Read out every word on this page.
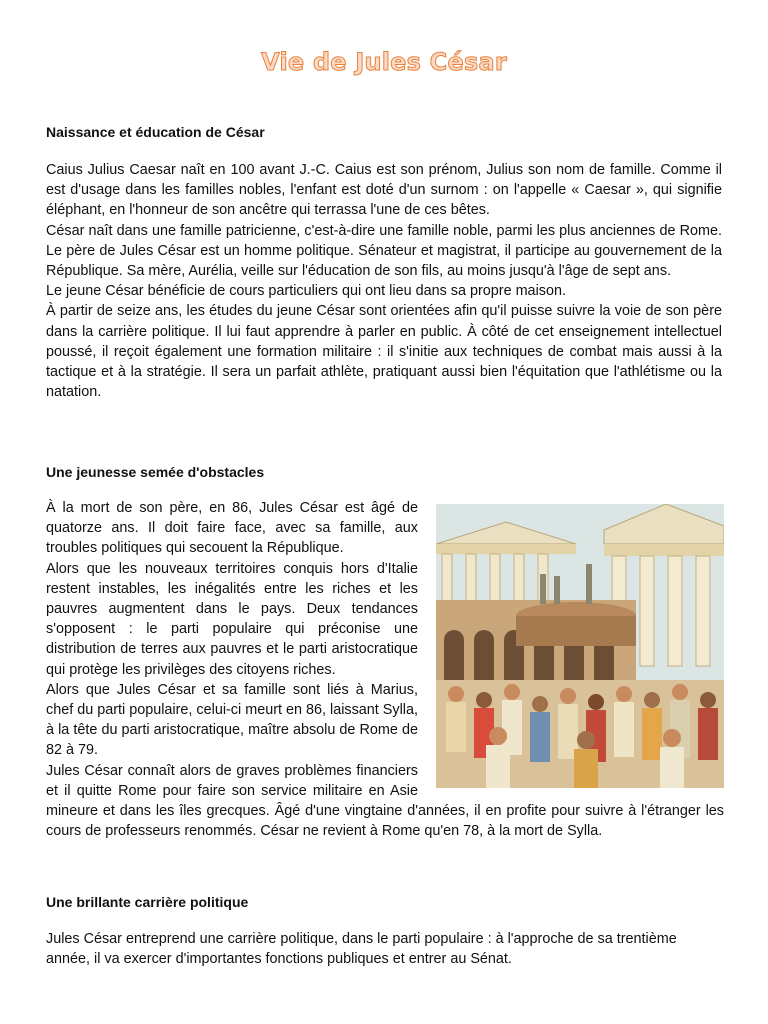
Vie de Jules César
Naissance et éducation de César

Caius Julius Caesar naît en 100 avant J.-C. Caius est son prénom, Julius son nom de famille. Comme il est d'usage dans les familles nobles, l'enfant est doté d'un surnom : on l'appelle « Caesar », qui signifie éléphant, en l'honneur de son ancêtre qui terrassa l'une de ces bêtes.

César naît dans une famille patricienne, c'est-à-dire une famille noble, parmi les plus anciennes de Rome. Le père de Jules César est un homme politique. Sénateur et magistrat, il participe au gouvernement de la République. Sa mère, Aurélia, veille sur l'éducation de son fils, au moins jusqu'à l'âge de sept ans.

Le jeune César bénéficie de cours particuliers qui ont lieu dans sa propre maison.

À partir de seize ans, les études du jeune César sont orientées afin qu'il puisse suivre la voie de son père dans la carrière politique. Il lui faut apprendre à parler en public. À côté de cet enseignement intellectuel poussé, il reçoit également une formation militaire : il s'initie aux techniques de combat mais aussi à la tactique et à la stratégie. Il sera un parfait athlète, pratiquant aussi bien l'équitation que l'athlétisme ou la natation.

Une jeunesse semée d'obstacles

À la mort de son père, en 86, Jules César est âgé de quatorze ans. Il doit faire face, avec sa famille, aux troubles politiques qui secouent la République.

Alors que les nouveaux territoires conquis hors d'Italie restent instables, les inégalités entre les riches et les pauvres augmentent dans le pays. Deux tendances s'opposent : le parti populaire qui préconise une distribution de terres aux pauvres et le parti aristocratique qui protège les privilèges des citoyens riches.

Alors que Jules César et sa famille sont liés à Marius, chef du parti populaire, celui-ci meurt en 86, laissant Sylla, à la tête du parti aristocratique, maître absolu de Rome de 82 à 79.

Jules César connaît alors de graves problèmes financiers et il quitte Rome pour faire son service militaire en Asie mineure et dans les îles grecques. Âgé d'une vingtaine d'années, il en profite pour suivre à l'étranger les cours de professeurs renommés. César ne revient à Rome qu'en 78, à la mort de Sylla.

Une brillante carrière politique

Jules César entreprend une carrière politique, dans le parti populaire : à l'approche de sa trentième année, il va exercer d'importantes fonctions publiques et entrer au Sénat.
